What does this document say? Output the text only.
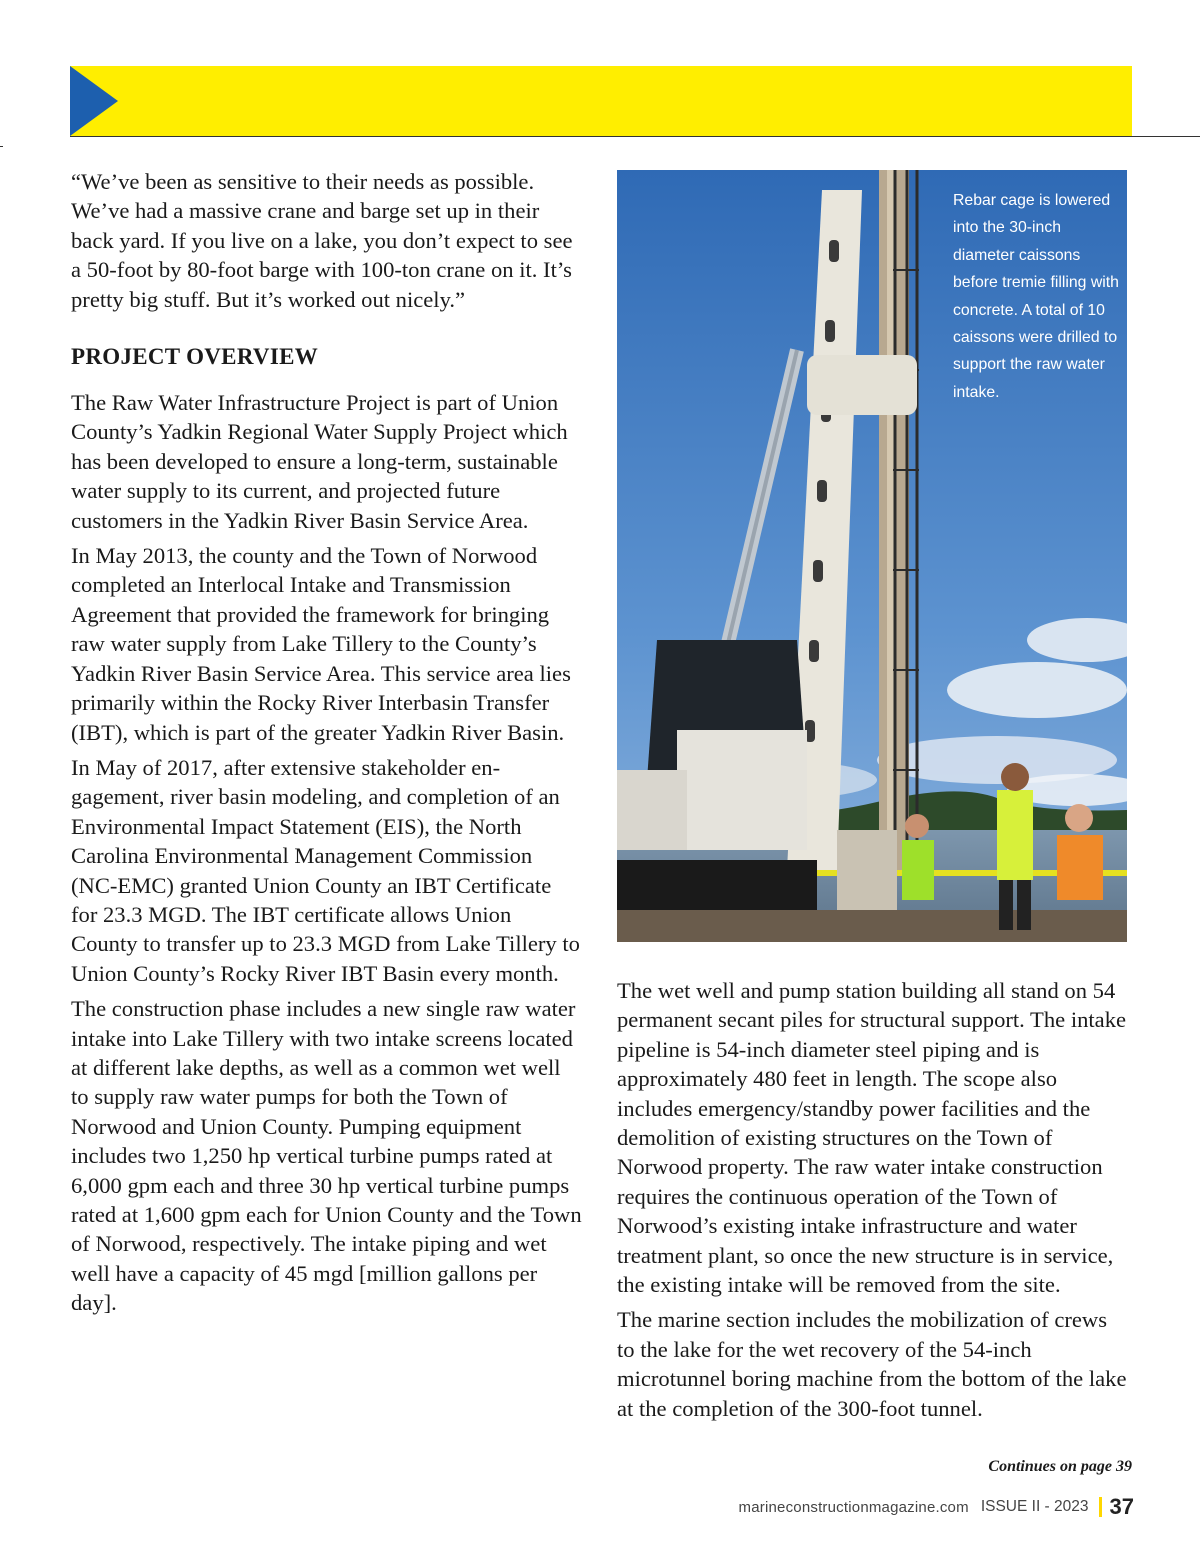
“We’ve been as sensitive to their needs as possible. We’ve had a massive crane and barge set up in their back yard. If you live on a lake, you don’t expect to see a 50-foot by 80-foot barge with 100-ton crane on it. It’s pretty big stuff. But it’s worked out nicely.”

PROJECT OVERVIEW

The Raw Water Infrastructure Project is part of Union County’s Yadkin Regional Water Supply Project which has been developed to ensure a long-term, sustainable water supply to its current, and projected future customers in the Yadkin River Basin Service Area.

In May 2013, the county and the Town of Norwood completed an Interlocal Intake and Transmission Agreement that provided the framework for bringing raw water supply from Lake Tillery to the County’s Yadkin River Basin Service Area. This service area lies primarily within the Rocky River Interbasin Transfer (IBT), which is part of the greater Yadkin River Basin.

In May of 2017, after extensive stakeholder engagement, river basin modeling, and completion of an Environmental Impact Statement (EIS), the North Carolina Environmental Management Commission (NC-EMC) granted Union County an IBT Certificate for 23.3 MGD. The IBT certificate allows Union County to transfer up to 23.3 MGD from Lake Tillery to Union County’s Rocky River IBT Basin every month.

The construction phase includes a new single raw water intake into Lake Tillery with two intake screens located at different lake depths, as well as a common wet well to supply raw water pumps for both the Town of Norwood and Union County. Pumping equipment includes two 1,250 hp vertical turbine pumps rated at 6,000 gpm each and three 30 hp vertical turbine pumps rated at 1,600 gpm each for Union County and the Town of Norwood, respectively. The intake piping and wet well have a capacity of 45 mgd [million gallons per day].

Rebar cage is lowered into the 30-inch diameter caissons before tremie filling with concrete. A total of 10 caissons were drilled to support the raw water intake.

The wet well and pump station building all stand on 54 permanent secant piles for structural support. The intake pipeline is 54-inch diameter steel piping and is approximately 480 feet in length. The scope also includes emergency/standby power facilities and the demolition of existing structures on the Town of Norwood property. The raw water intake construction requires the continuous operation of the Town of Norwood’s existing intake infrastructure and water treatment plant, so once the new structure is in service, the existing intake will be removed from the site.

The marine section includes the mobilization of crews to the lake for the wet recovery of the 54-inch microtunnel boring machine from the bottom of the lake at the completion of the 300-foot tunnel.

Continues on page 39
marineconstructionmagazine.com ISSUE II - 2023 37
